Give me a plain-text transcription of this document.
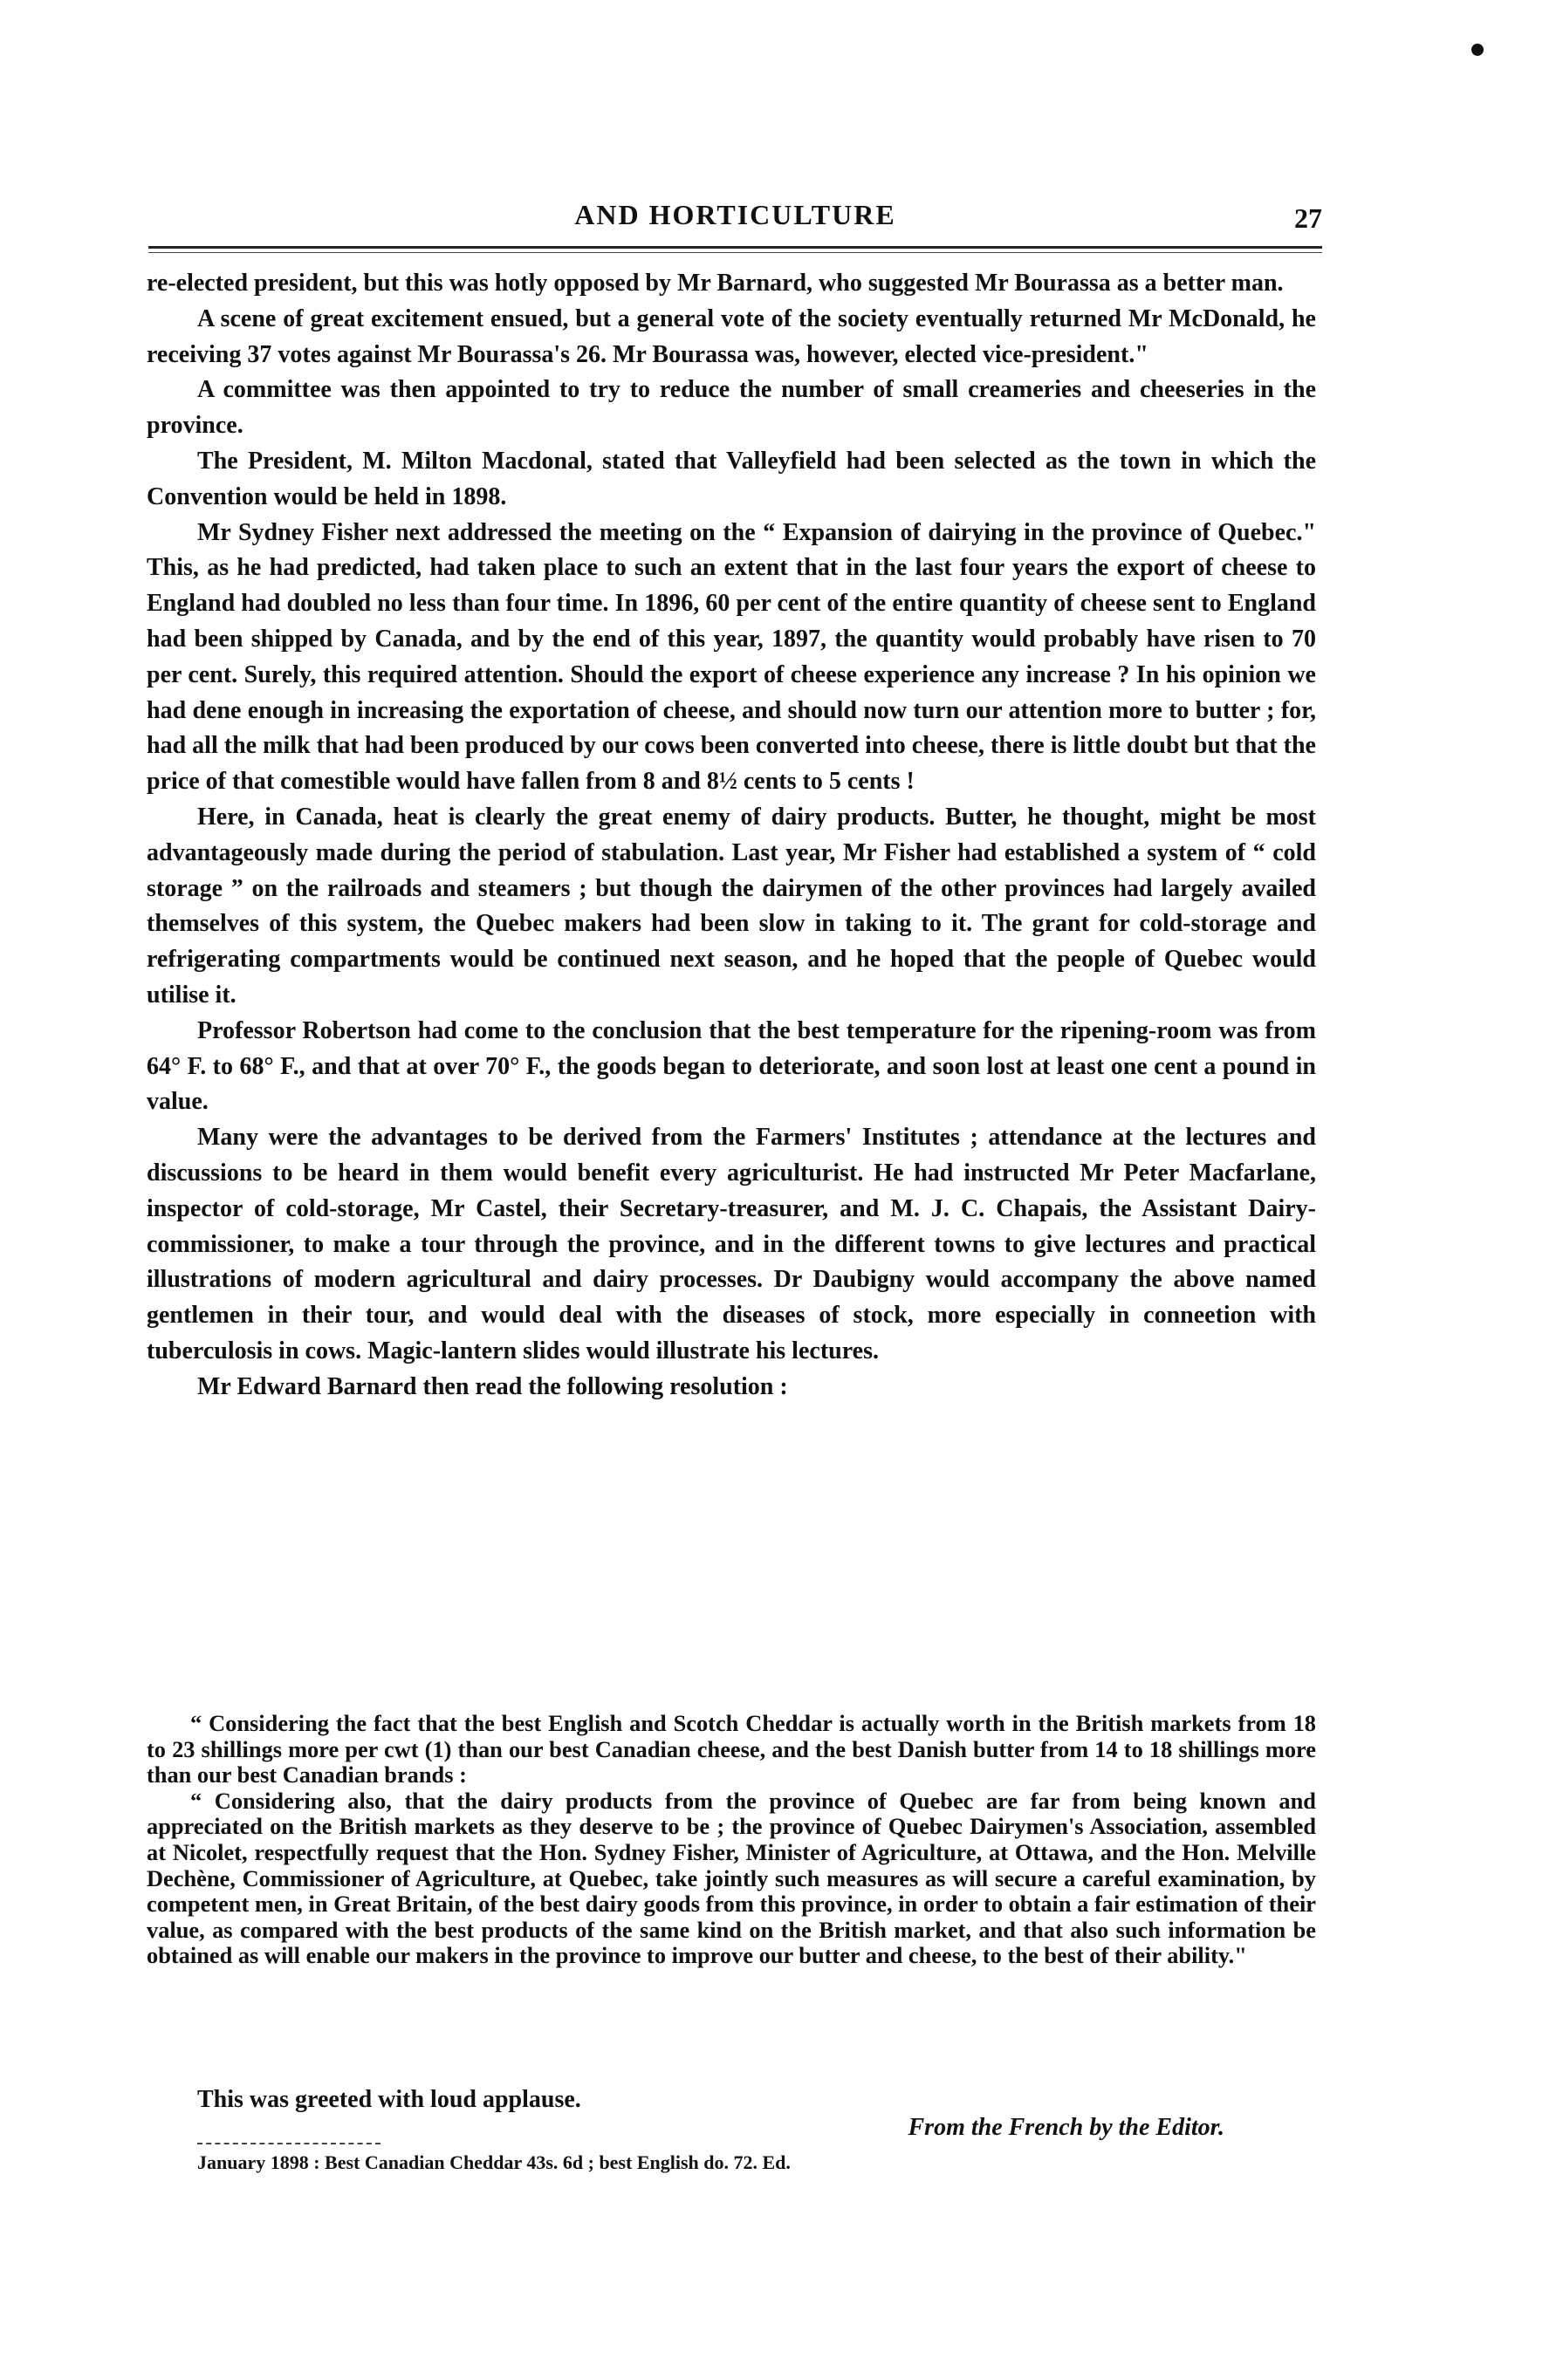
AND HORTICULTURE	27

re-elected president, but this was hotly opposed by Mr Barnard, who suggested Mr Bourassa as a better man.

A scene of great excitement ensued, but a general vote of the society eventually returned Mr McDonald, he receiving 37 votes against Mr Bourassa's 26. Mr Bourassa was, however, elected vice-president."

A committee was then appointed to try to reduce the number of small creameries and cheeseries in the province.

The President, M. Milton Macdonal, stated that Valleyfield had been selected as the town in which the Convention would be held in 1898.

Mr Sydney Fisher next addressed the meeting on the “ Expansion of dairying in the province of Quebec." This, as he had predicted, had taken place to such an extent that in the last four years the export of cheese to England had doubled no less than four time. In 1896, 60 per cent of the entire quantity of cheese sent to England had been shipped by Canada, and by the end of this year, 1897, the quantity would probably have risen to 70 per cent. Surely, this required attention. Should the export of cheese experience any increase ? In his opinion we had dene enough in increasing the exportation of cheese, and should now turn our attention more to butter ; for, had all the milk that had been produced by our cows been converted into cheese, there is little doubt but that the price of that comestible would have fallen from 8 and 8½ cents to 5 cents !

Here, in Canada, heat is clearly the great enemy of dairy products. Butter, he thought, might be most advantageously made during the period of stabulation. Last year, Mr Fisher had established a system of “ cold storage ” on the railroads and steamers ; but though the dairymen of the other provinces had largely availed themselves of this system, the Quebec makers had been slow in taking to it. The grant for cold-storage and refrigerating compartments would be continued next season, and he hoped that the people of Quebec would utilise it.

Professor Robertson had come to the conclusion that the best temperature for the ripening-room was from 64° F. to 68° F., and that at over 70° F., the goods began to deteriorate, and soon lost at least one cent a pound in value.

Many were the advantages to be derived from the Farmers' Institutes ; attendance at the lectures and discussions to be heard in them would benefit every agriculturist. He had instructed Mr Peter Macfarlane, inspector of cold-storage, Mr Castel, their Secretary-treasurer, and M. J. C. Chapais, the Assistant Dairy-commissioner, to make a tour through the province, and in the different towns to give lectures and practical illustrations of modern agricultural and dairy processes. Dr Daubigny would accompany the above named gentlemen in their tour, and would deal with the diseases of stock, more especially in conneetion with tuberculosis in cows. Magic-lantern slides would illustrate his lectures.

Mr Edward Barnard then read the following resolution :

“ Considering the fact that the best English and Scotch Cheddar is actually worth in the British markets from 18 to 23 shillings more per cwt (1) than our best Canadian cheese, and the best Danish butter from 14 to 18 shillings more than our best Canadian brands :

“ Considering also, that the dairy products from the province of Quebec are far from being known and appreciated on the British markets as they deserve to be ; the province of Quebec Dairymen's Association, assembled at Nicolet, respectfully request that the Hon. Sydney Fisher, Minister of Agriculture, at Ottawa, and the Hon. Melville Dechène, Commissioner of Agriculture, at Quebec, take jointly such measures as will secure a careful examination, by competent men, in Great Britain, of the best dairy goods from this province, in order to obtain a fair estimation of their value, as compared with the best products of the same kind on the British market, and that also such information be obtained as will enable our makers in the province to improve our butter and cheese, to the best of their ability."

This was greeted with loud applause.
From the French by the Editor.
January 1898 : Best Canadian Cheddar 43s. 6d ; best English do. 72. Ed.
